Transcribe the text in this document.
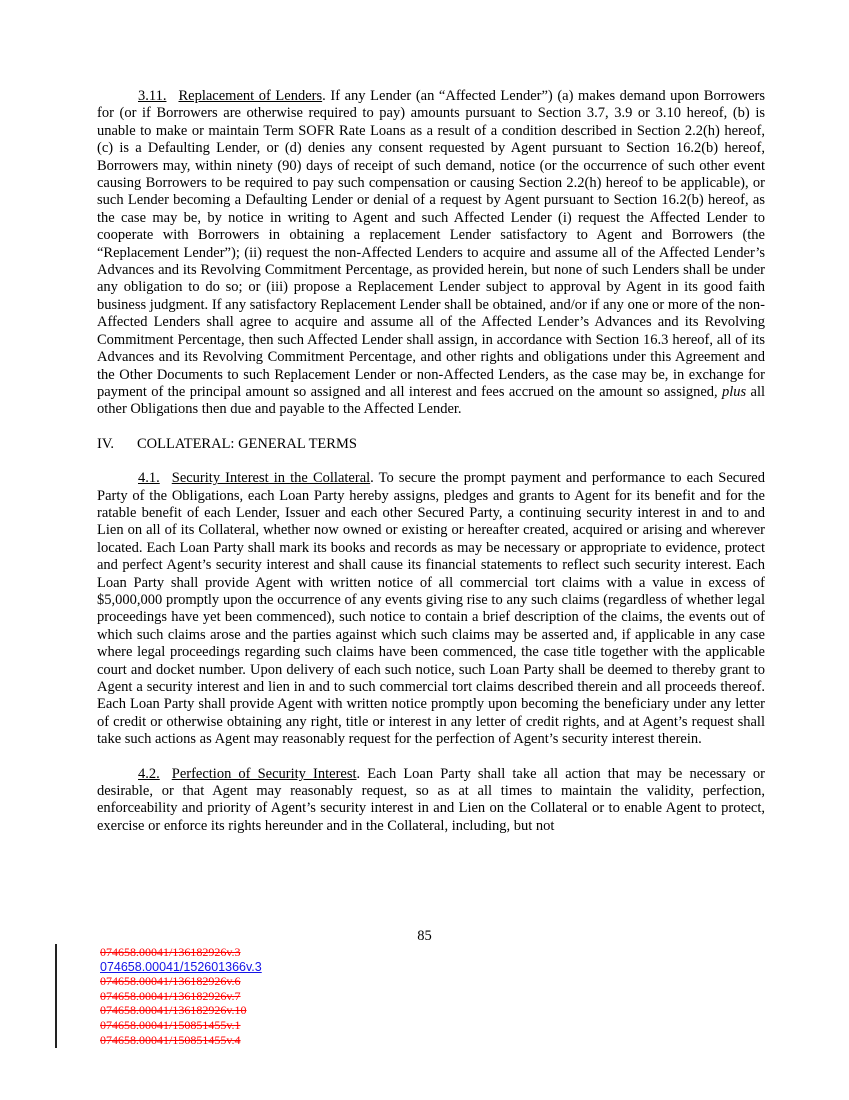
3.11. Replacement of Lenders. If any Lender (an “Affected Lender”) (a) makes demand upon Borrowers for (or if Borrowers are otherwise required to pay) amounts pursuant to Section 3.7, 3.9 or 3.10 hereof, (b) is unable to make or maintain Term SOFR Rate Loans as a result of a condition described in Section 2.2(h) hereof, (c) is a Defaulting Lender, or (d) denies any consent requested by Agent pursuant to Section 16.2(b) hereof, Borrowers may, within ninety (90) days of receipt of such demand, notice (or the occurrence of such other event causing Borrowers to be required to pay such compensation or causing Section 2.2(h) hereof to be applicable), or such Lender becoming a Defaulting Lender or denial of a request by Agent pursuant to Section 16.2(b) hereof, as the case may be, by notice in writing to Agent and such Affected Lender (i) request the Affected Lender to cooperate with Borrowers in obtaining a replacement Lender satisfactory to Agent and Borrowers (the “Replacement Lender”); (ii) request the non-Affected Lenders to acquire and assume all of the Affected Lender’s Advances and its Revolving Commitment Percentage, as provided herein, but none of such Lenders shall be under any obligation to do so; or (iii) propose a Replacement Lender subject to approval by Agent in its good faith business judgment. If any satisfactory Replacement Lender shall be obtained, and/or if any one or more of the non-Affected Lenders shall agree to acquire and assume all of the Affected Lender’s Advances and its Revolving Commitment Percentage, then such Affected Lender shall assign, in accordance with Section 16.3 hereof, all of its Advances and its Revolving Commitment Percentage, and other rights and obligations under this Agreement and the Other Documents to such Replacement Lender or non-Affected Lenders, as the case may be, in exchange for payment of the principal amount so assigned and all interest and fees accrued on the amount so assigned, plus all other Obligations then due and payable to the Affected Lender.

IV. COLLATERAL: GENERAL TERMS

4.1. Security Interest in the Collateral. To secure the prompt payment and performance to each Secured Party of the Obligations, each Loan Party hereby assigns, pledges and grants to Agent for its benefit and for the ratable benefit of each Lender, Issuer and each other Secured Party, a continuing security interest in and to and Lien on all of its Collateral, whether now owned or existing or hereafter created, acquired or arising and wherever located. Each Loan Party shall mark its books and records as may be necessary or appropriate to evidence, protect and perfect Agent’s security interest and shall cause its financial statements to reflect such security interest. Each Loan Party shall provide Agent with written notice of all commercial tort claims with a value in excess of $5,000,000 promptly upon the occurrence of any events giving rise to any such claims (regardless of whether legal proceedings have yet been commenced), such notice to contain a brief description of the claims, the events out of which such claims arose and the parties against which such claims may be asserted and, if applicable in any case where legal proceedings regarding such claims have been commenced, the case title together with the applicable court and docket number. Upon delivery of each such notice, such Loan Party shall be deemed to thereby grant to Agent a security interest and lien in and to such commercial tort claims described therein and all proceeds thereof. Each Loan Party shall provide Agent with written notice promptly upon becoming the beneficiary under any letter of credit or otherwise obtaining any right, title or interest in any letter of credit rights, and at Agent’s request shall take such actions as Agent may reasonably request for the perfection of Agent’s security interest therein.

4.2. Perfection of Security Interest. Each Loan Party shall take all action that may be necessary or desirable, or that Agent may reasonably request, so as at all times to maintain the validity, perfection, enforceability and priority of Agent’s security interest in and Lien on the Collateral or to enable Agent to protect, exercise or enforce its rights hereunder and in the Collateral, including, but not

85
074658.00041/136182926v.3
074658.00041/152601366v.3
074658.00041/136182926v.6
074658.00041/136182926v.7
074658.00041/136182926v.10
074658.00041/150851455v.1
074658.00041/150851455v.4
